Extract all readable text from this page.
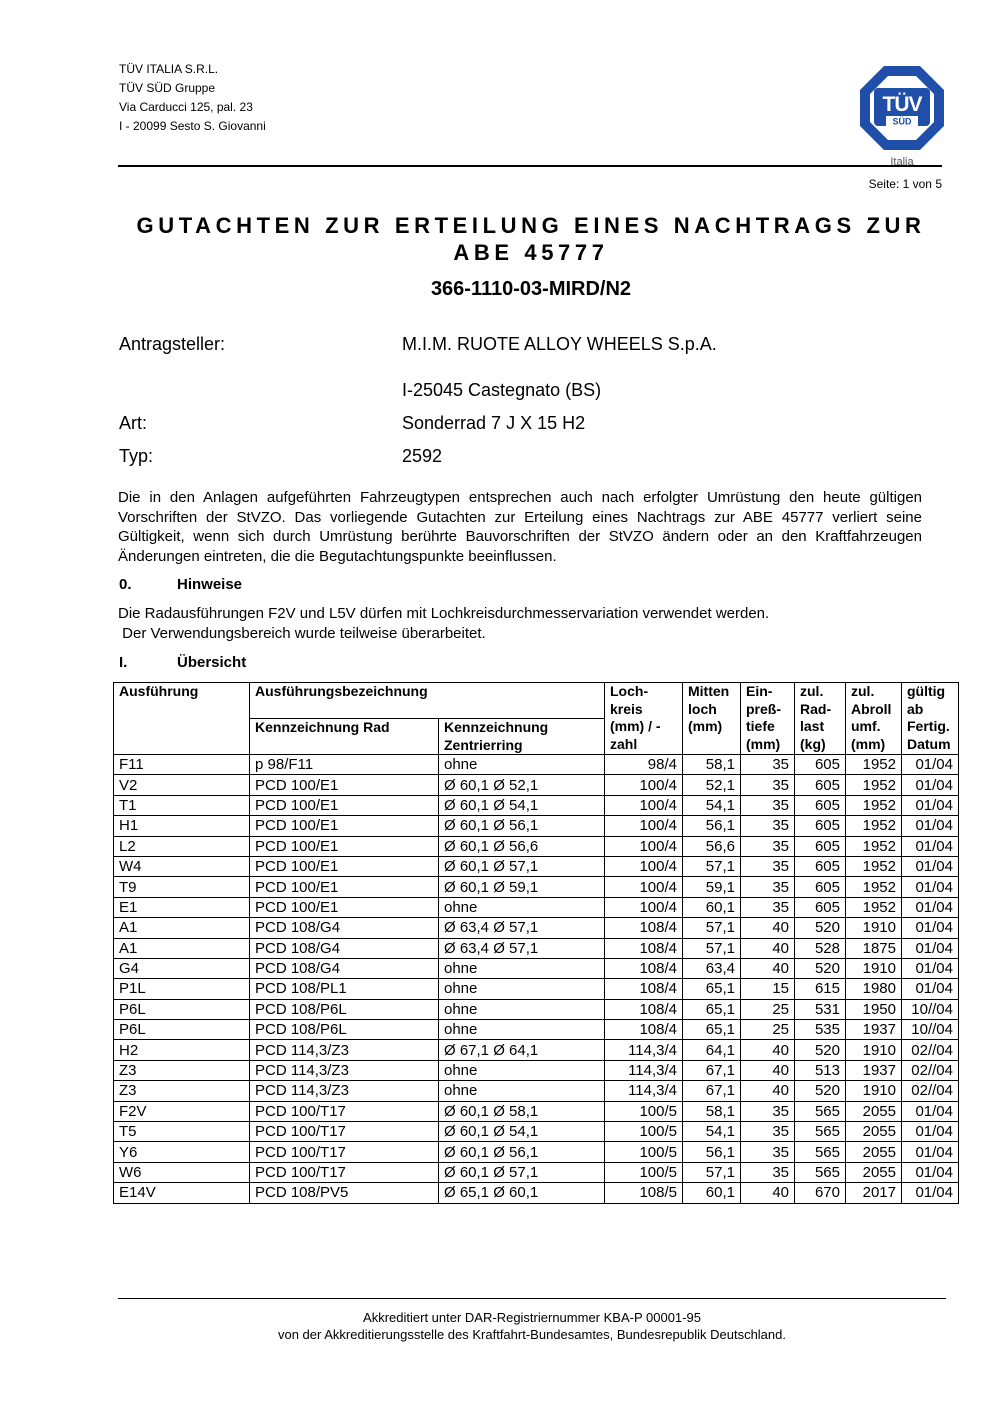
TÜV ITALIA S.R.L.
TÜV SÜD Gruppe
Via Carducci 125, pal. 23
I - 20099 Sesto S. Giovanni
TÜV
SÜD
Italia
Seite: 1 von 5
GUTACHTEN ZUR ERTEILUNG EINES NACHTRAGS ZUR
ABE 45777
366-1110-03-MIRD/N2
Antragsteller:	M.I.M. RUOTE ALLOY WHEELS S.p.A.
I-25045 Castegnato (BS)
Art:	Sonderrad 7 J X 15 H2
Typ:	2592
Die in den Anlagen aufgeführten Fahrzeugtypen entsprechen auch nach erfolgter Umrüstung den heute gültigen Vorschriften der StVZO. Das vorliegende Gutachten zur Erteilung eines Nachtrags zur ABE 45777 verliert seine Gültigkeit, wenn sich durch Umrüstung berührte Bauvorschriften der StVZO ändern oder an den Kraftfahrzeugen Änderungen eintreten, die die Begutachtungspunkte beeinflussen.
0.	Hinweise
Die Radausführungen F2V und L5V dürfen mit Lochkreisdurchmesservariation verwendet werden.
Der Verwendungsbereich wurde teilweise überarbeitet.
I.	Übersicht
Ausführung	Ausführungsbezeichnung		Loch-kreis (mm) / -zahl	Mitten loch (mm)	Ein-preß-tiefe (mm)	zul. Rad-last (kg)	zul. Abroll umf. (mm)	gültig ab Fertig. Datum
	Kennzeichnung Rad	Kennzeichnung Zentrierring						
F11	p 98/F11	ohne	98/4	58,1	35	605	1952	01/04
V2	PCD 100/E1	Ø 60,1 Ø 52,1	100/4	52,1	35	605	1952	01/04
T1	PCD 100/E1	Ø 60,1 Ø 54,1	100/4	54,1	35	605	1952	01/04
H1	PCD 100/E1	Ø 60,1 Ø 56,1	100/4	56,1	35	605	1952	01/04
L2	PCD 100/E1	Ø 60,1 Ø 56,6	100/4	56,6	35	605	1952	01/04
W4	PCD 100/E1	Ø 60,1 Ø 57,1	100/4	57,1	35	605	1952	01/04
T9	PCD 100/E1	Ø 60,1 Ø 59,1	100/4	59,1	35	605	1952	01/04
E1	PCD 100/E1	ohne	100/4	60,1	35	605	1952	01/04
A1	PCD 108/G4	Ø 63,4 Ø 57,1	108/4	57,1	40	520	1910	01/04
A1	PCD 108/G4	Ø 63,4 Ø 57,1	108/4	57,1	40	528	1875	01/04
G4	PCD 108/G4	ohne	108/4	63,4	40	520	1910	01/04
P1L	PCD 108/PL1	ohne	108/4	65,1	15	615	1980	01/04
P6L	PCD 108/P6L	ohne	108/4	65,1	25	531	1950	10//04
P6L	PCD 108/P6L	ohne	108/4	65,1	25	535	1937	10//04
H2	PCD 114,3/Z3	Ø 67,1 Ø 64,1	114,3/4	64,1	40	520	1910	02//04
Z3	PCD 114,3/Z3	ohne	114,3/4	67,1	40	513	1937	02//04
Z3	PCD 114,3/Z3	ohne	114,3/4	67,1	40	520	1910	02//04
F2V	PCD 100/T17	Ø 60,1 Ø 58,1	100/5	58,1	35	565	2055	01/04
T5	PCD 100/T17	Ø 60,1 Ø 54,1	100/5	54,1	35	565	2055	01/04
Y6	PCD 100/T17	Ø 60,1 Ø 56,1	100/5	56,1	35	565	2055	01/04
W6	PCD 100/T17	Ø 60,1 Ø 57,1	100/5	57,1	35	565	2055	01/04
E14V	PCD 108/PV5	Ø 65,1 Ø 60,1	108/5	60,1	40	670	2017	01/04
Akkreditiert unter DAR-Registriernummer KBA-P 00001-95
von der Akkreditierungsstelle des Kraftfahrt-Bundesamtes, Bundesrepublik Deutschland.
